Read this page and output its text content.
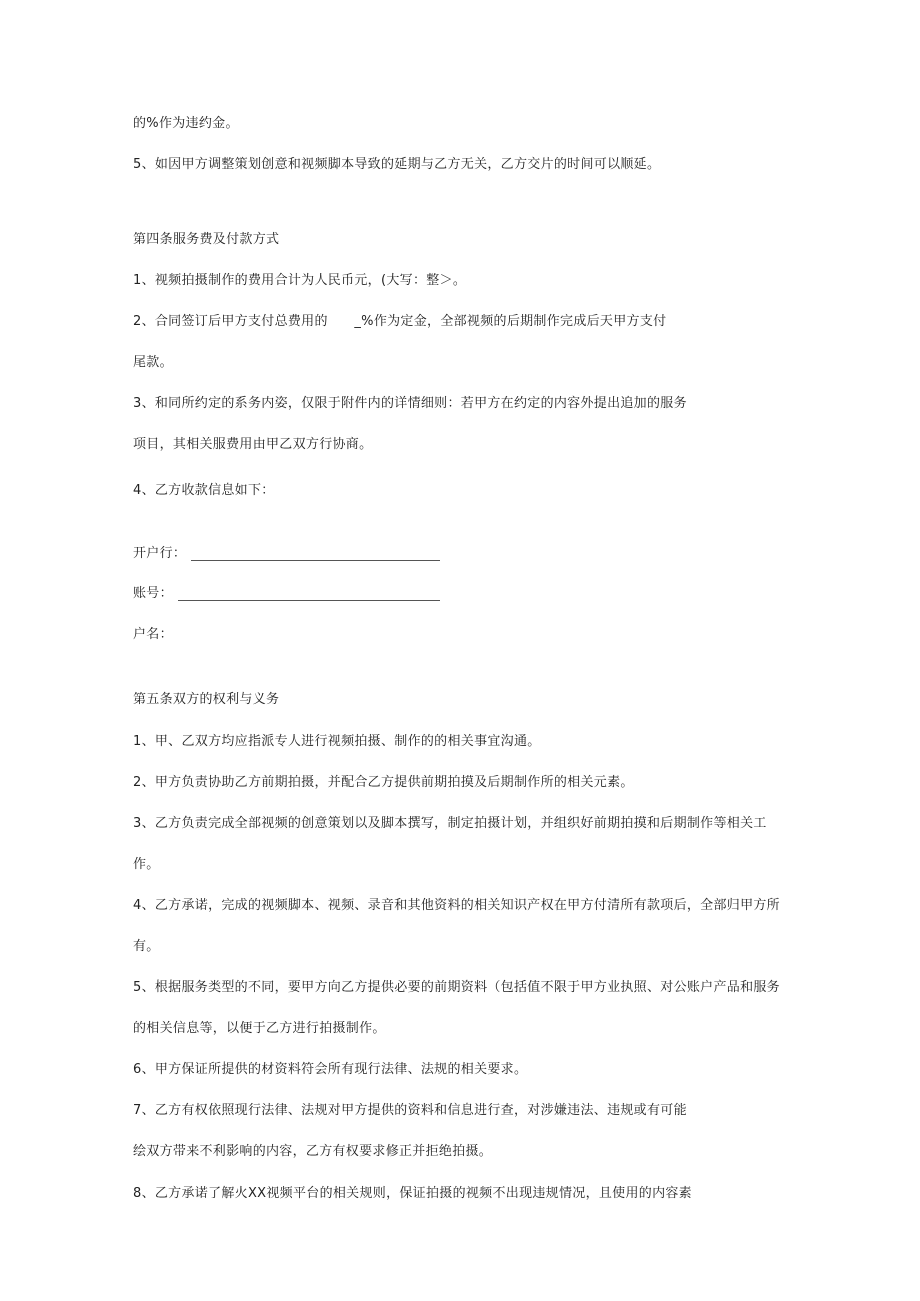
的%作为违约金。
5、如因甲方调整策划创意和视频脚本导致的延期与乙方无关，乙方交片的时间可以顺延。
第四条服务费及付款方式
1、视频拍摄制作的费用合计为人民币元，(大写：整＞。
2、合同签订后甲方支付总费用的　　_%作为定金，全部视频的后期制作完成后天甲方支付
尾款。
3、和同所约定的系务内姿，仅限于附件内的详情细则：若甲方在约定的内容外提出追加的服务
项目，其相关服费用由甲乙双方行协商。
4、乙方收款信息如下：
开户行：
账号：
户名：
第五条双方的权利与义务
1、甲、乙双方均应指派专人进行视频拍摄、制作的的相关事宜沟通。
2、甲方负责协助乙方前期拍摄，并配合乙方提供前期拍摸及后期制作所的相关元素。
3、乙方负责完成全部视频的创意策划以及脚本撰写，制定拍摄计划，并组织好前期拍摸和后期制作等相关工
作。
4、乙方承诺，完成的视频脚本、视频、录音和其他资料的相关知识产权在甲方付清所有款项后，全部归甲方所
有。
5、根据服务类型的不同，要甲方向乙方提供必要的前期资料（包括值不限于甲方业执照、对公账户产品和服务
的相关信息等，以便于乙方进行拍摄制作。
6、甲方保证所提供的材资料符会所有现行法律、法规的相关要求。
7、乙方有权依照现行法律、法规对甲方提供的资料和信息进行查，对涉嫌违法、违规或有可能
绘双方带来不利影响的内容，乙方有权要求修正并拒绝拍摄。
8、乙方承诺了解火XX视频平台的相关规则，保证拍摄的视频不出现违规情况，且使用的内容素
